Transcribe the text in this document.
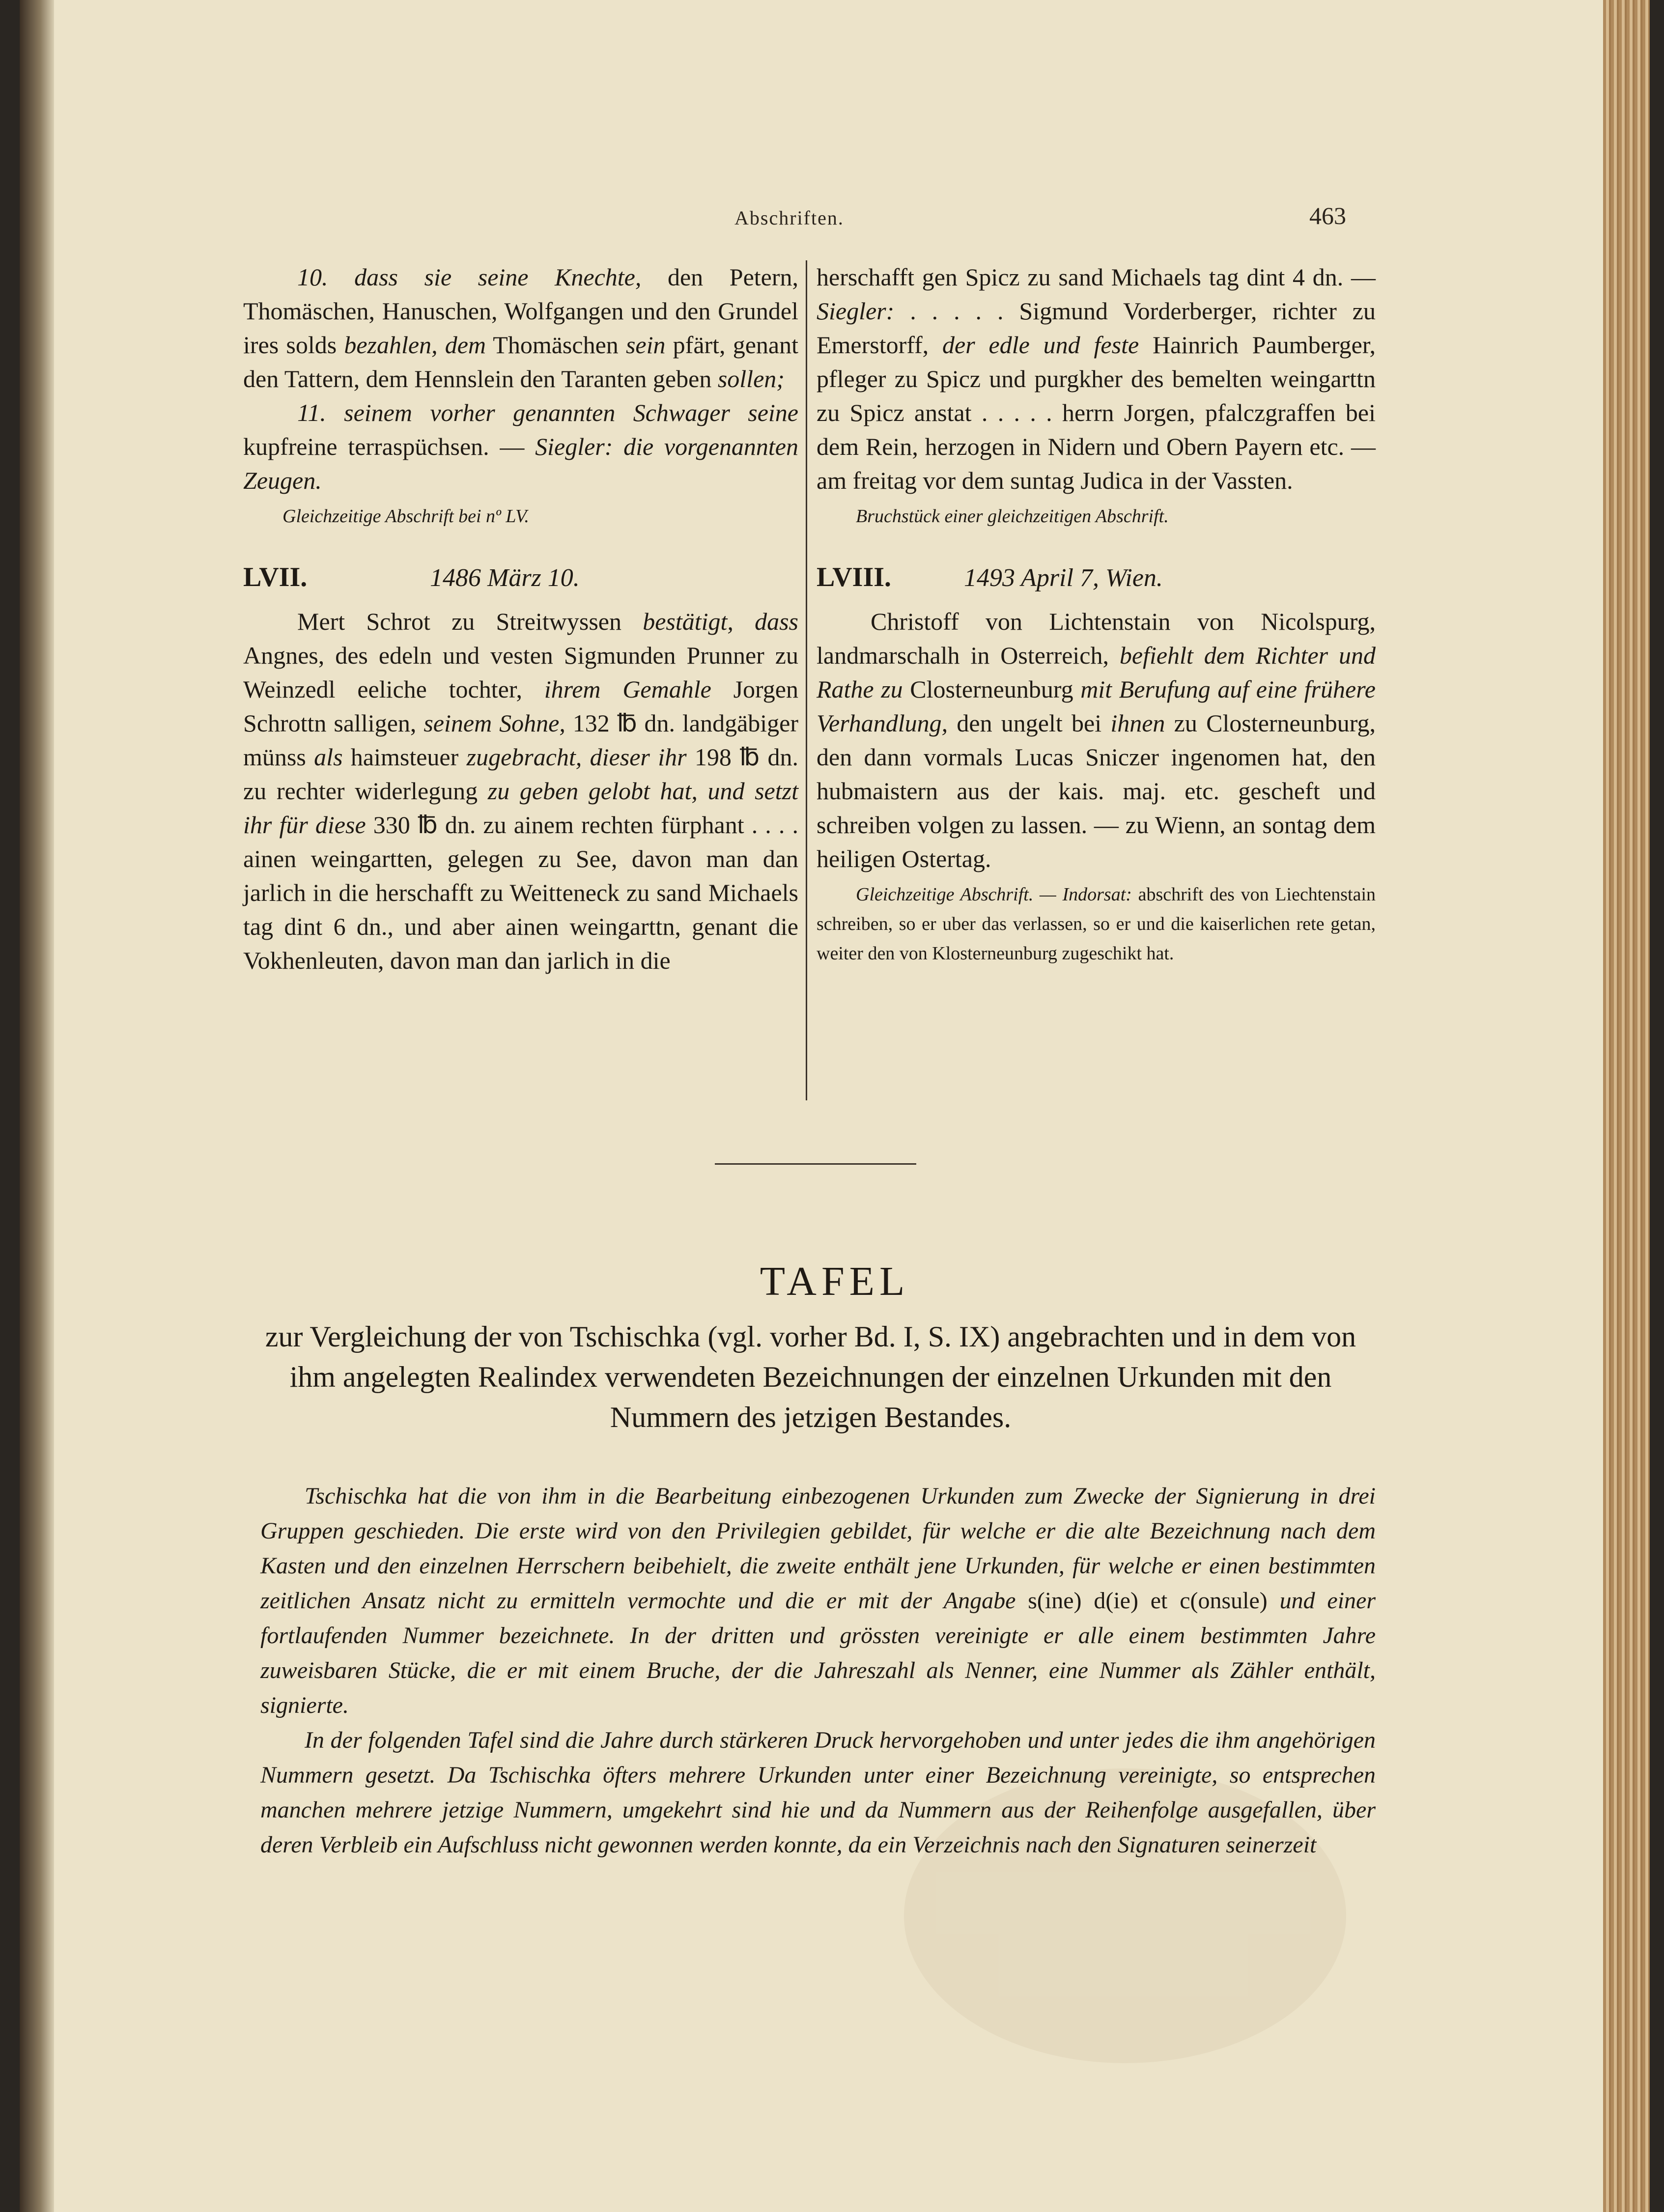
Abschriften.	463

10. dass sie seine Knechte, den Petern, Thomäschen, Hanuschen, Wolfgangen und den Grundel ires solds bezahlen, dem Thomäschen sein pfärt, genant den Tattern, dem Hennslein den Taranten geben sollen;

11. seinem vorher genannten Schwager seine kupfreine terraspüchsen. — Siegler: die vorgenannten Zeugen.

Gleichzeitige Abschrift bei nº LV.

LVII.	1486 März 10.

Mert Schrot zu Streitwyssen bestätigt, dass Angnes, des edeln und vesten Sigmunden Prunner zu Weinzedl eeliche tochter, ihrem Gemahle Jorgen Schrottn salligen, seinem Sohne, 132 ℔ dn. landgäbiger münss als haimsteuer zugebracht, dieser ihr 198 ℔ dn. zu rechter widerlegung zu geben gelobt hat, und setzt ihr für diese 330 ℔ dn. zu ainem rechten fürphant . . . . ainen weingartten, gelegen zu See, davon man dan jarlich in die herschafft zu Weitteneck zu sand Michaels tag dint 6 dn., und aber ainen weingarttn, genant die Vokhenleuten, davon man dan jarlich in die

herschafft gen Spicz zu sand Michaels tag dint 4 dn. — Siegler: . . . . . Sigmund Vorderberger, richter zu Emerstorff, der edle und feste Hainrich Paumberger, pfleger zu Spicz und purgkher des bemelten weingarttn zu Spicz anstat . . . . . herrn Jorgen, pfalczgraffen bei dem Rein, herzogen in Nidern und Obern Payern etc. — am freitag vor dem suntag Judica in der Vassten.

Bruchstück einer gleichzeitigen Abschrift.

LVIII.	1493 April 7, Wien.

Christoff von Lichtenstain von Nicolspurg, landmarschalh in Osterreich, befiehlt dem Richter und Rathe zu Closterneunburg mit Berufung auf eine frühere Verhandlung, den ungelt bei ihnen zu Closterneunburg, den dann vormals Lucas Sniczer ingenomen hat, den hubmaistern aus der kais. maj. etc. gescheft und schreiben volgen zu lassen. — zu Wienn, an sontag dem heiligen Ostertag.

Gleichzeitige Abschrift. — Indorsat: abschrift des von Liechtenstain schreiben, so er uber das verlassen, so er und die kaiserlichen rete getan, weiter den von Klosterneunburg zugeschikt hat.

TAFEL
zur Vergleichung der von Tschischka (vgl. vorher Bd. I, S. IX) angebrachten und in dem von ihm angelegten Realindex verwendeten Bezeichnungen der einzelnen Urkunden mit den Nummern des jetzigen Bestandes.

Tschischka hat die von ihm in die Bearbeitung einbezogenen Urkunden zum Zwecke der Signierung in drei Gruppen geschieden. Die erste wird von den Privilegien gebildet, für welche er die alte Bezeichnung nach dem Kasten und den einzelnen Herrschern beibehielt, die zweite enthält jene Urkunden, für welche er einen bestimmten zeitlichen Ansatz nicht zu ermitteln vermochte und die er mit der Angabe s(ine) d(ie) et c(onsule) und einer fortlaufenden Nummer bezeichnete. In der dritten und grössten vereinigte er alle einem bestimmten Jahre zuweisbaren Stücke, die er mit einem Bruche, der die Jahreszahl als Nenner, eine Nummer als Zähler enthält, signierte.

In der folgenden Tafel sind die Jahre durch stärkeren Druck hervorgehoben und unter jedes die ihm angehörigen Nummern gesetzt. Da Tschischka öfters mehrere Urkunden unter einer Bezeichnung vereinigte, so entsprechen manchen mehrere jetzige Nummern, umgekehrt sind hie und da Nummern aus der Reihenfolge ausgefallen, über deren Verbleib ein Aufschluss nicht gewonnen werden konnte, da ein Verzeichnis nach den Signaturen seinerzeit
